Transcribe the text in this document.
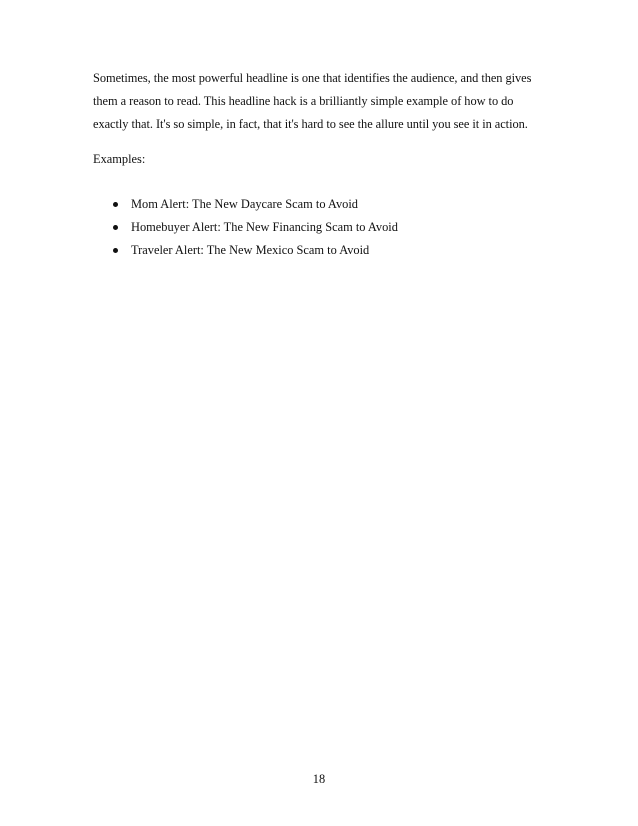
Sometimes, the most powerful headline is one that identifies the audience, and then gives
them a reason to read. This headline hack is a brilliantly simple example of how to do
exactly that. It's so simple, in fact, that it's hard to see the allure until you see it in action.

Examples:

Mom Alert: The New Daycare Scam to Avoid
Homebuyer Alert: The New Financing Scam to Avoid
Traveler Alert: The New Mexico Scam to Avoid
18
